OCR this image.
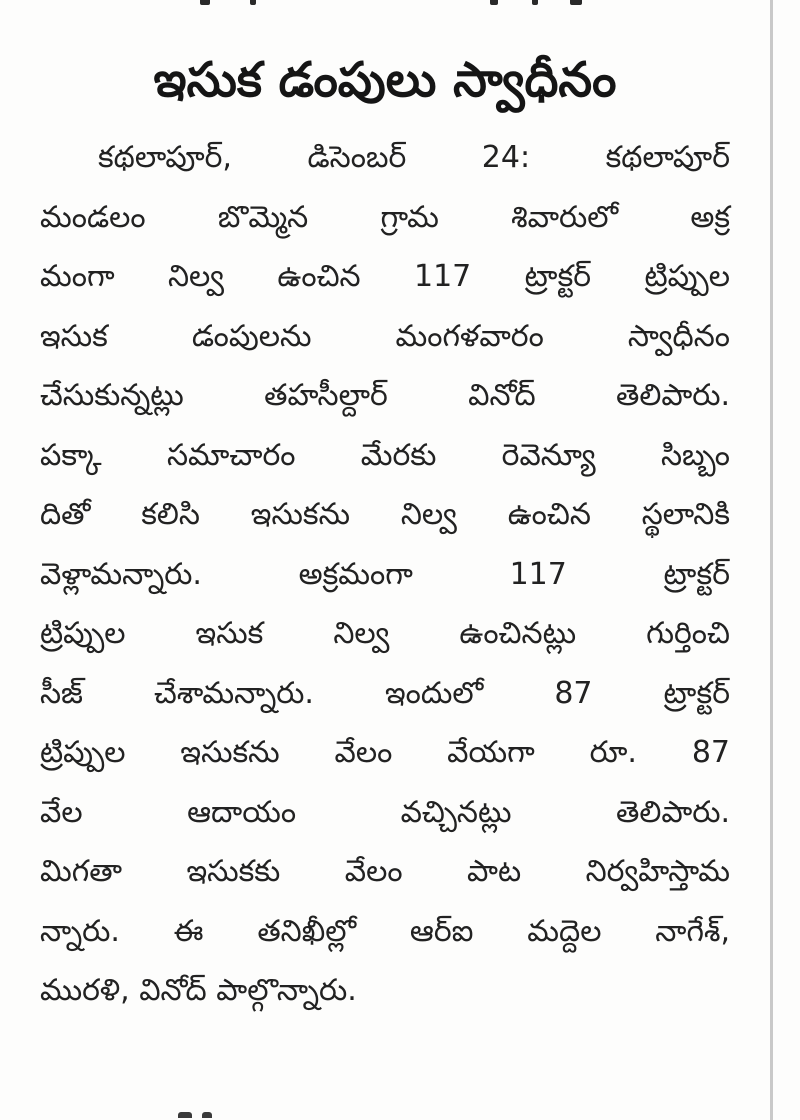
ఇసుక డంపులు స్వాధీనం
కథలాపూర్, డిసెంబర్ 24: కథలాపూర్
మండలం బొమ్మెన గ్రామ శివారులో అక్ర
మంగా నిల్వ ఉంచిన 117 ట్రాక్టర్ ట్రిప్పుల
ఇసుక డంపులను మంగళవారం స్వాధీనం
చేసుకున్నట్లు తహసీల్దార్ వినోద్ తెలిపారు.
పక్కా సమాచారం మేరకు రెవెన్యూ సిబ్బం
దితో కలిసి ఇసుకను నిల్వ ఉంచిన స్థలానికి
వెళ్లామన్నారు. అక్రమంగా 117 ట్రాక్టర్
ట్రిప్పుల ఇసుక నిల్వ ఉంచినట్లు గుర్తించి
సీజ్ చేశామన్నారు. ఇందులో 87 ట్రాక్టర్
ట్రిప్పుల ఇసుకను వేలం వేయగా రూ. 87
వేల ఆదాయం వచ్చినట్లు తెలిపారు.
మిగతా ఇసుకకు వేలం పాట నిర్వహిస్తామ
న్నారు. ఈ తనిఖీల్లో ఆర్ఐ మద్దెల నాగేశ్,
మురళి, వినోద్ పాల్గొన్నారు.
